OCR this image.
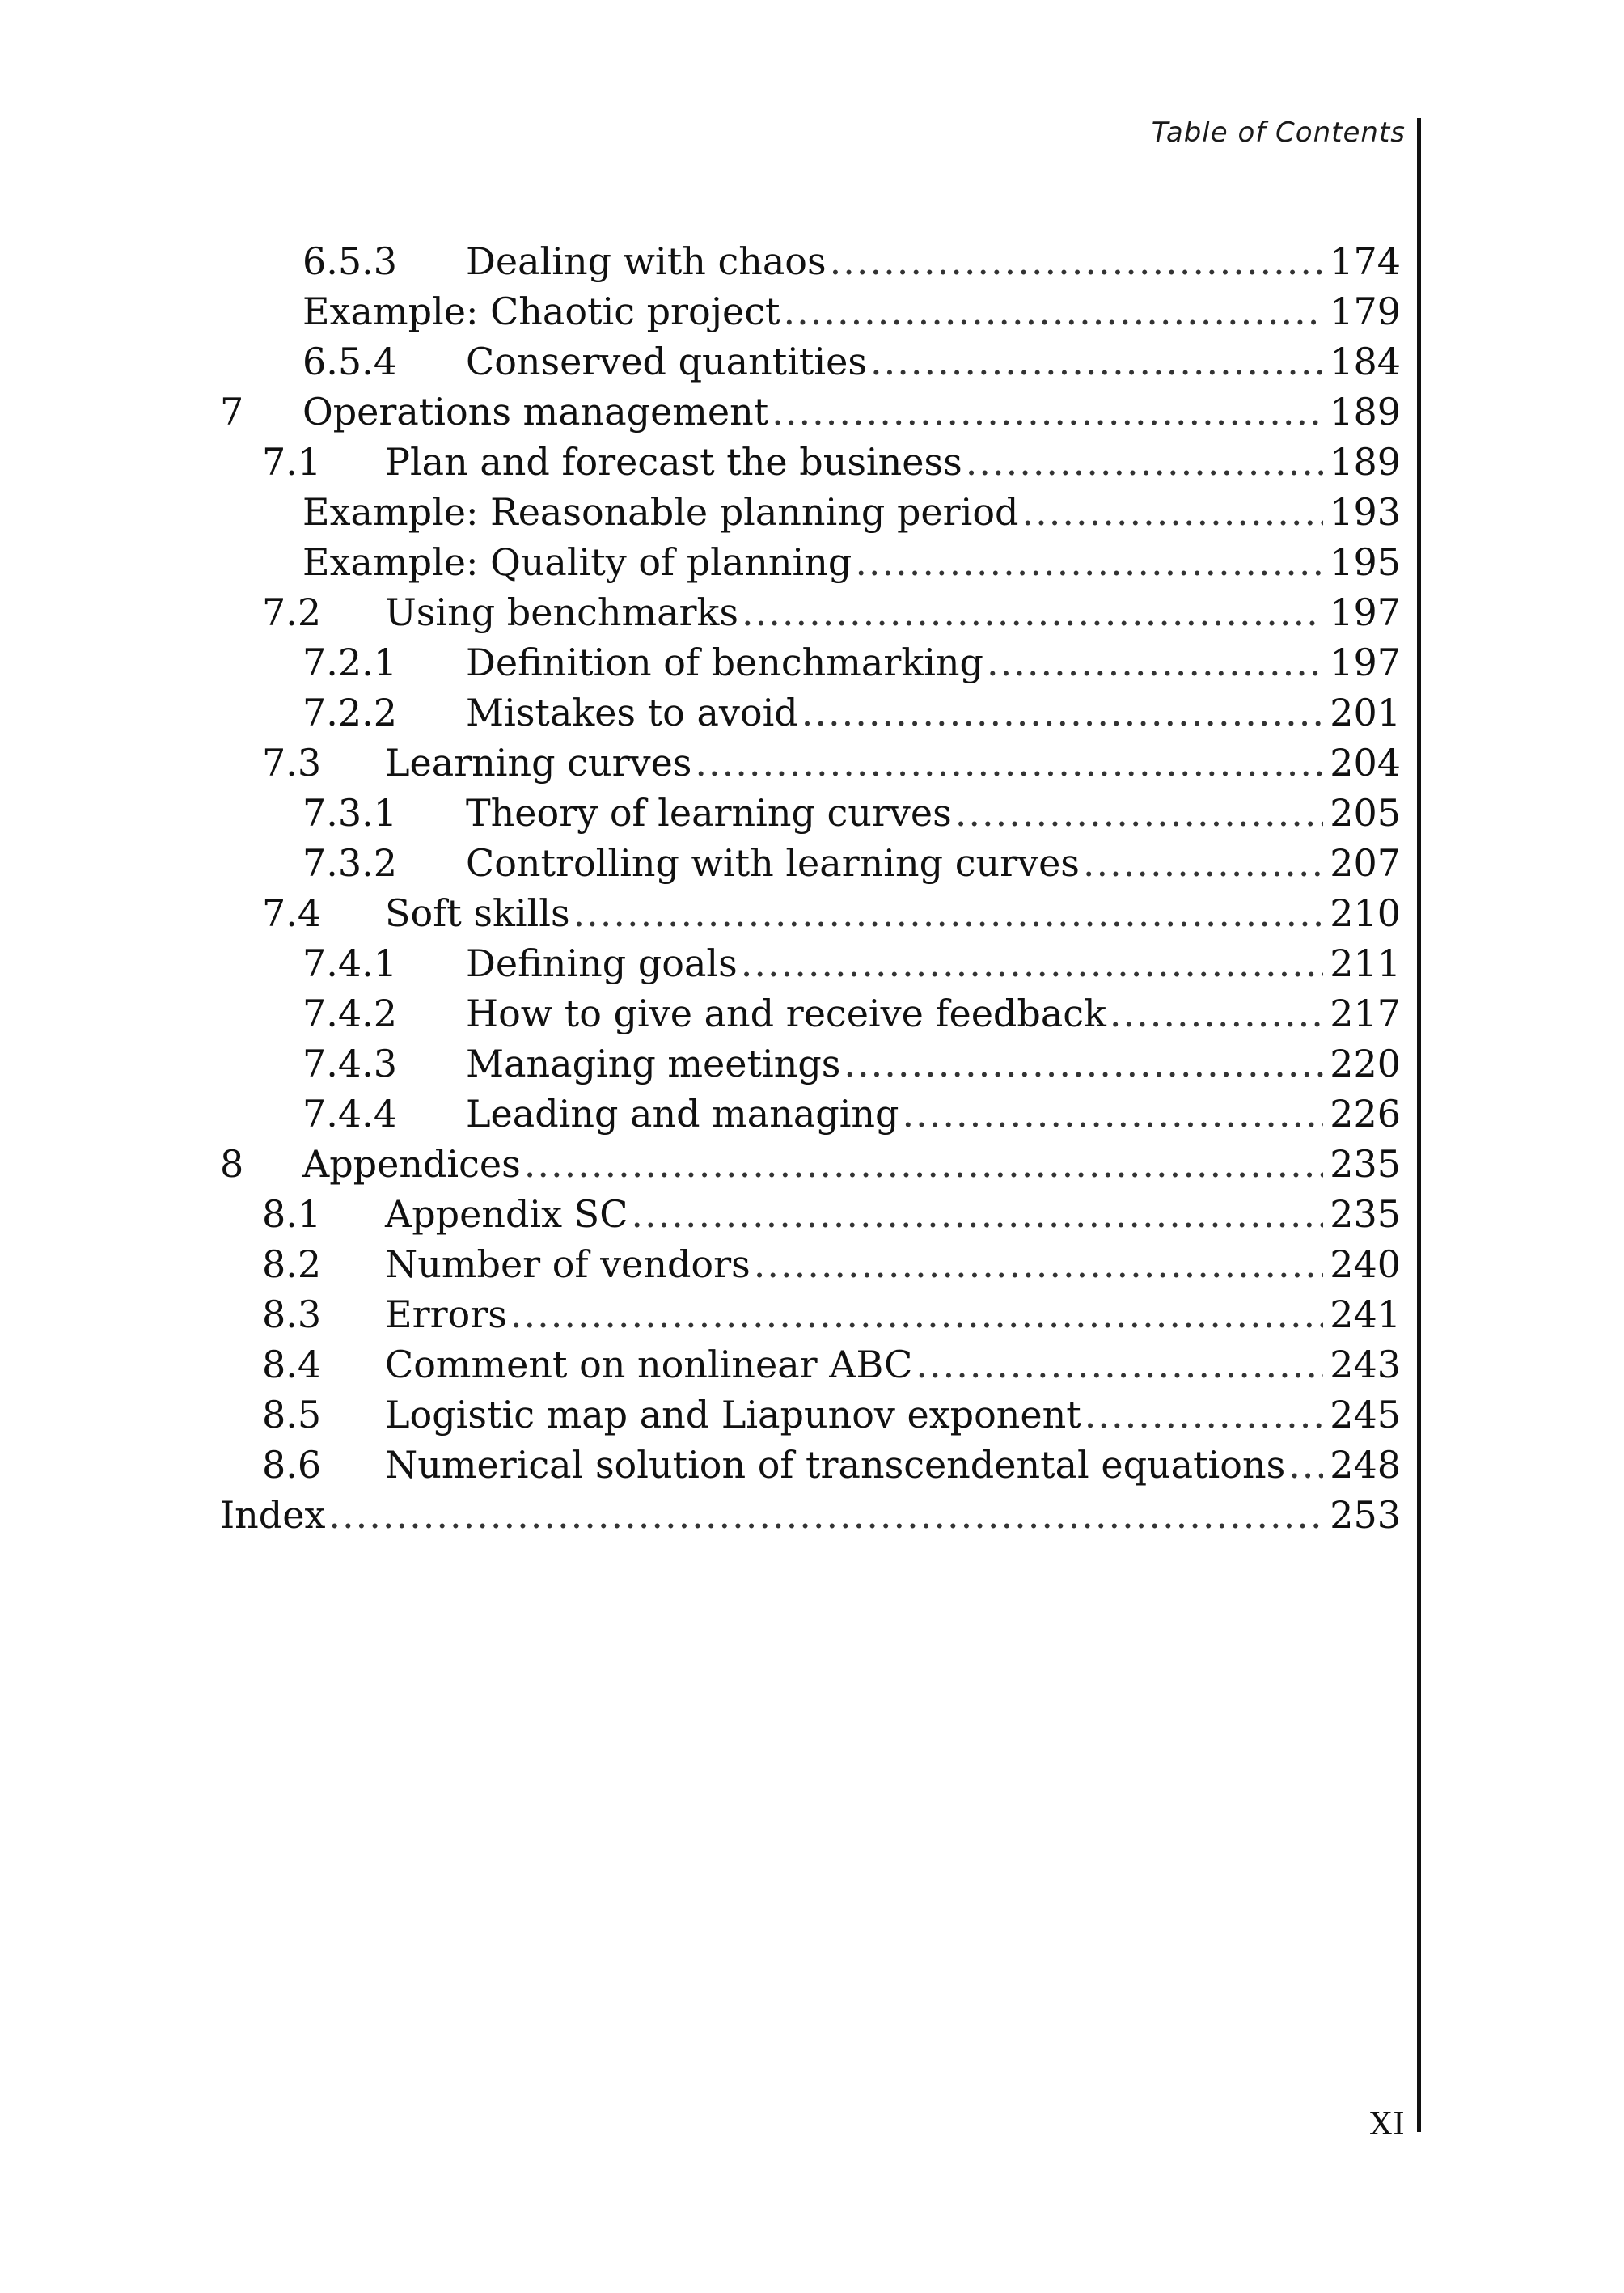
Table of Contents
6.5.3 Dealing with chaos .....	174
Example: Chaotic project .....	179
6.5.4 Conserved quantities .....	184
7 Operations management .....	189
7.1 Plan and forecast the business .....	189
Example: Reasonable planning period .....	193
Example: Quality of planning .....	195
7.2 Using benchmarks .....	197
7.2.1 Definition of benchmarking .....	197
7.2.2 Mistakes to avoid .....	201
7.3 Learning curves .....	204
7.3.1 Theory of learning curves .....	205
7.3.2 Controlling with learning curves .....	207
7.4 Soft skills .....	210
7.4.1 Defining goals .....	211
7.4.2 How to give and receive feedback .....	217
7.4.3 Managing meetings .....	220
7.4.4 Leading and managing .....	226
8 Appendices .....	235
8.1 Appendix SC .....	235
8.2 Number of vendors .....	240
8.3 Errors .....	241
8.4 Comment on nonlinear ABC .....	243
8.5 Logistic map and Liapunov exponent .....	245
8.6 Numerical solution of transcendental equations ..... 248
Index .....	253
XI
